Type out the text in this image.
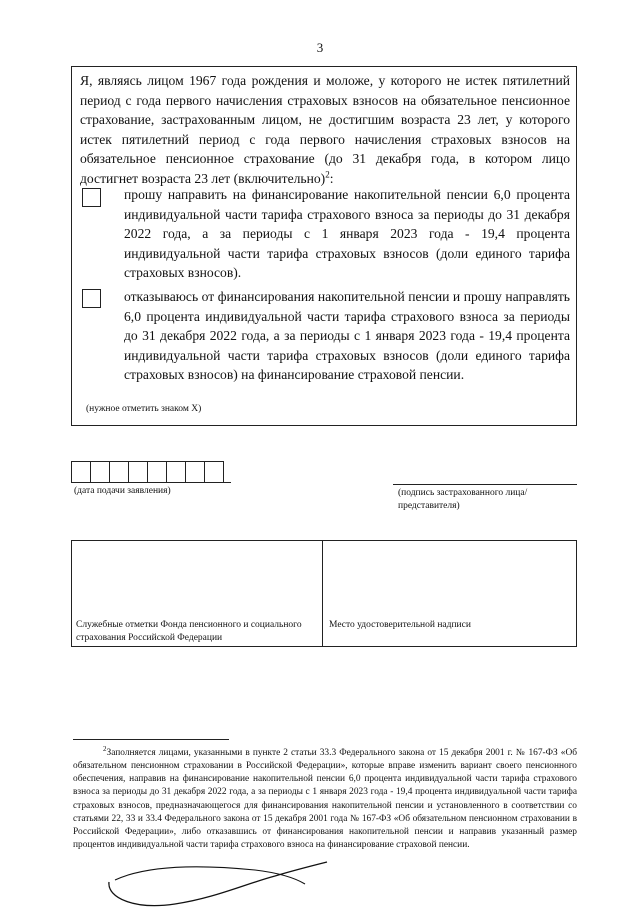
3
Я, являясь лицом 1967 года рождения и моложе, у которого не истек пятилетний период с года первого начисления страховых взносов на обязательное пенсионное страхование, застрахованным лицом, не достигшим возраста 23 лет, у которого истек пятилетний период с года первого начисления страховых взносов на обязательное пенсионное страхование (до 31 декабря года, в котором лицо достигнет возраста 23 лет (включительно)$^2$:
прошу направить на финансирование накопительной пенсии 6,0 процента индивидуальной части тарифа страхового взноса за периоды до 31 декабря 2022 года, а за периоды с 1 января 2023 года - 19,4 процента индивидуальной части тарифа страховых взносов (доли единого тарифа страховых взносов).
отказываюсь от финансирования накопительной пенсии и прошу направлять 6,0 процента индивидуальной части тарифа страхового взноса за периоды до 31 декабря 2022 года, а за периоды с 1 января 2023 года - 19,4 процента индивидуальной части тарифа страховых взносов (доли единого тарифа страховых взносов) на финансирование страховой пенсии.
(нужное отметить знаком Х)
(дата подачи заявления)	(подпись застрахованного лица/ представителя)
Служебные отметки Фонда пенсионного и социального страхования Российской Федерации
Место удостоверительной надписи
$^2$Заполняется лицами, указанными в пункте 2 статьи 33.3 Федерального закона от 15 декабря 2001 г. № 167-ФЗ «Об обязательном пенсионном страховании в Российской Федерации», которые вправе изменить вариант своего пенсионного обеспечения, направив на финансирование накопительной пенсии 6,0 процента индивидуальной части тарифа страхового взноса за периоды до 31 декабря 2022 года, а за периоды с 1 января 2023 года - 19,4 процента индивидуальной части тарифа страховых взносов, предназначающегося для финансирования накопительной пенсии и установленного в соответствии со статьями 22, 33 и 33.4 Федерального закона от 15 декабря 2001 года № 167-ФЗ «Об обязательном пенсионном страховании в Российской Федерации», либо отказавшись от финансирования накопительной пенсии и направив указанный размер процентов индивидуальной части тарифа страхового взноса на финансирование страховой пенсии.
